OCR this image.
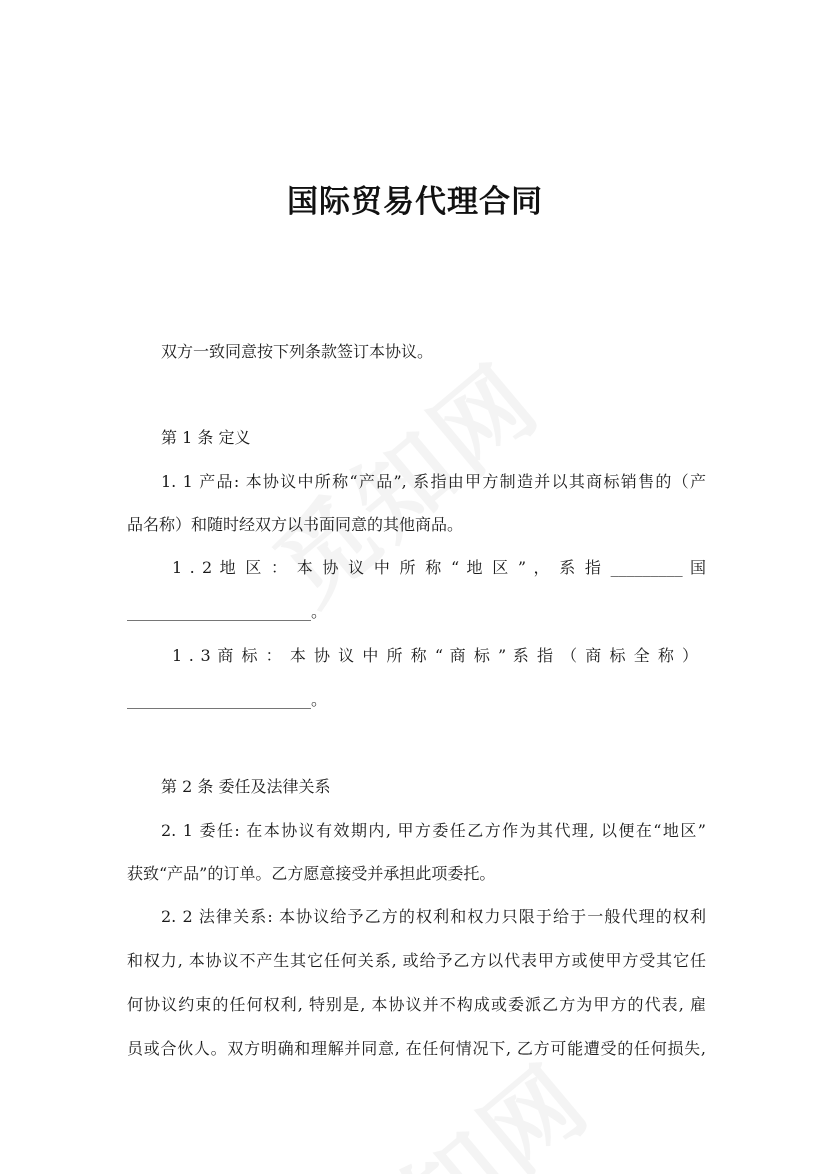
国际贸易代理合同
双方一致同意按下列条款签订本协议。
第 1 条 定义
1. 1 产品: 本协议中所称“产品”, 系指由甲方制造并以其商标销售的（产
品名称）和随时经双方以书面同意的其他商品。
1 . 2 地 区 ： 本 协 议 中 所 称 “ 地 区 ” ， 系 指 _________ 国
_______________________。
1 . 3 商 标 ： 本 协 议 中 所 称 “ 商 标 ” 系 指 （ 商 标 全 称 ）
_______________________。
第 2 条 委任及法律关系
2. 1 委任: 在本协议有效期内, 甲方委任乙方作为其代理, 以便在“地区”
获致“产品”的订单。乙方愿意接受并承担此项委托。
2. 2 法律关系: 本协议给予乙方的权利和权力只限于给于一般代理的权利
和权力, 本协议不产生其它任何关系, 或给予乙方以代表甲方或使甲方受其它任
何协议约束的任何权利, 特别是, 本协议并不构成或委派乙方为甲方的代表, 雇
员或合伙人。双方明确和理解并同意, 在任何情况下, 乙方可能遭受的任何损失,
